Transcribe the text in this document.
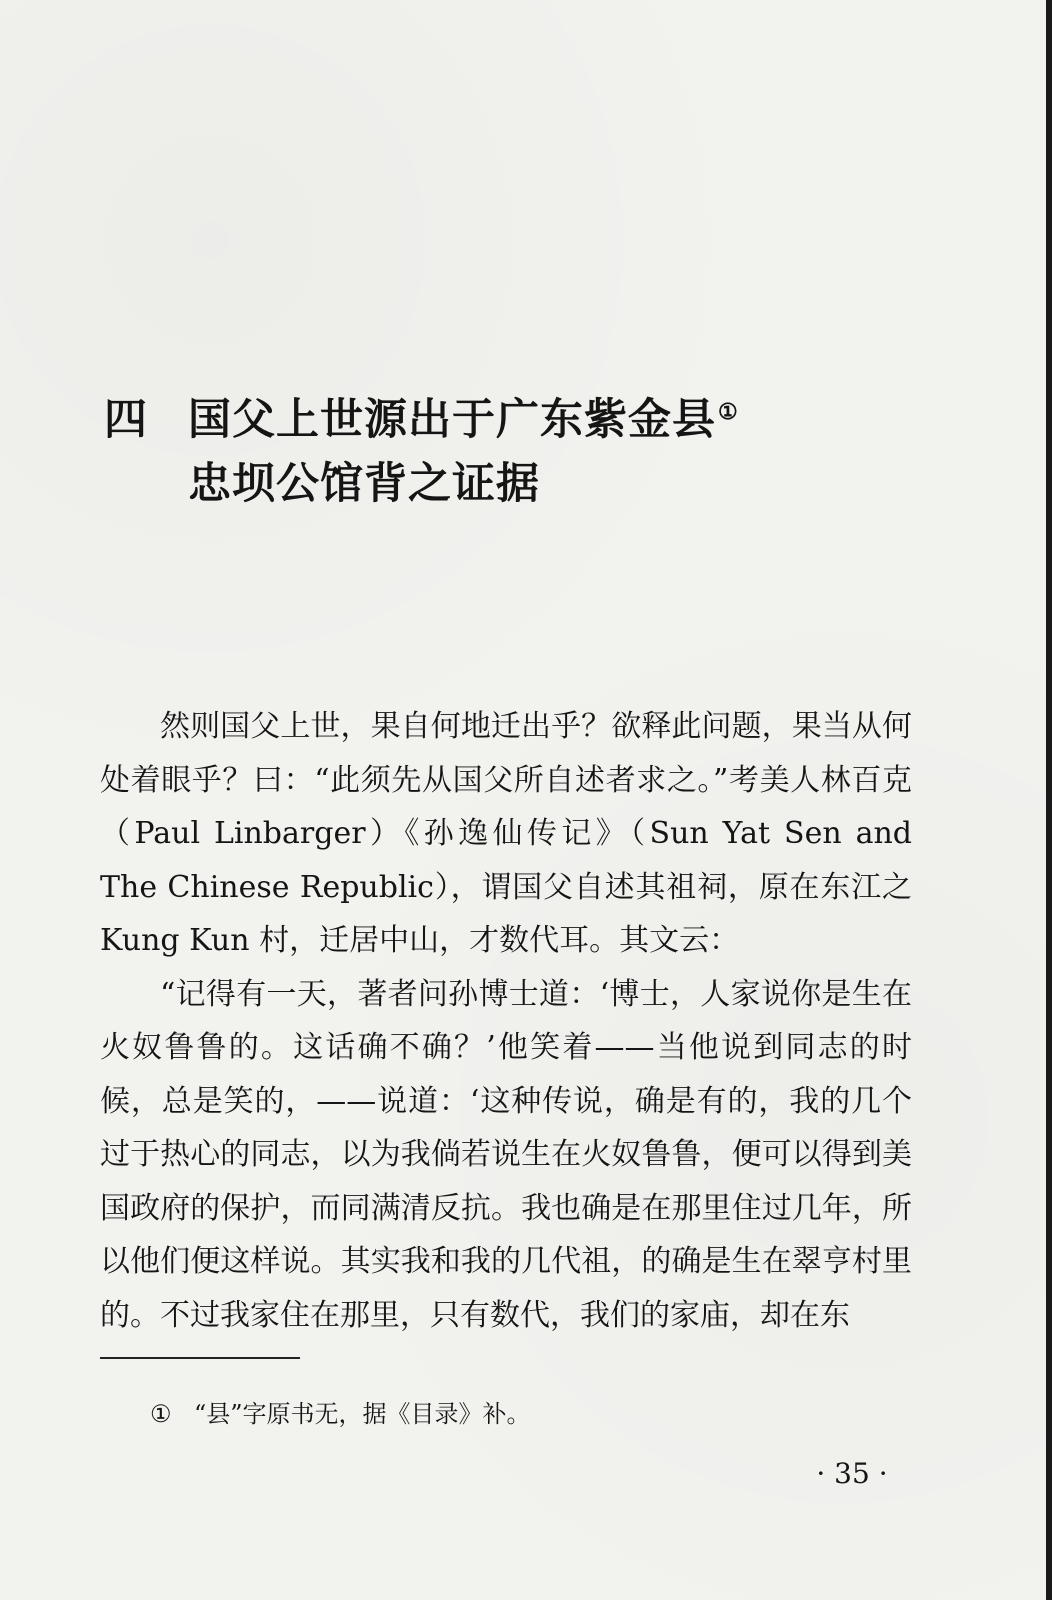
四 国父上世源出于广东紫金县①
忠坝公馆背之证据

然则国父上世，果自何地迁出乎？欲释此问题，果当从何处着眼乎？曰：“此须先从国父所自述者求之。”考美人林百克（Paul Linbarger）《孙逸仙传记》（Sun Yat Sen and The Chinese Republic），谓国父自述其祖祠，原在东江之 Kung Kun 村，迁居中山，才数代耳。其文云：

“记得有一天，著者问孙博士道：‘博士，人家说你是生在火奴鲁鲁的。这话确不确？’他笑着——当他说到同志的时候，总是笑的，——说道：‘这种传说，确是有的，我的几个过于热心的同志，以为我倘若说生在火奴鲁鲁，便可以得到美国政府的保护，而同满清反抗。我也确是在那里住过几年，所以他们便这样说。其实我和我的几代祖，的确是生在翠亨村里的。不过我家住在那里，只有数代，我们的家庙，却在东

① “县”字原书无，据《目录》补。
· 35 ·
